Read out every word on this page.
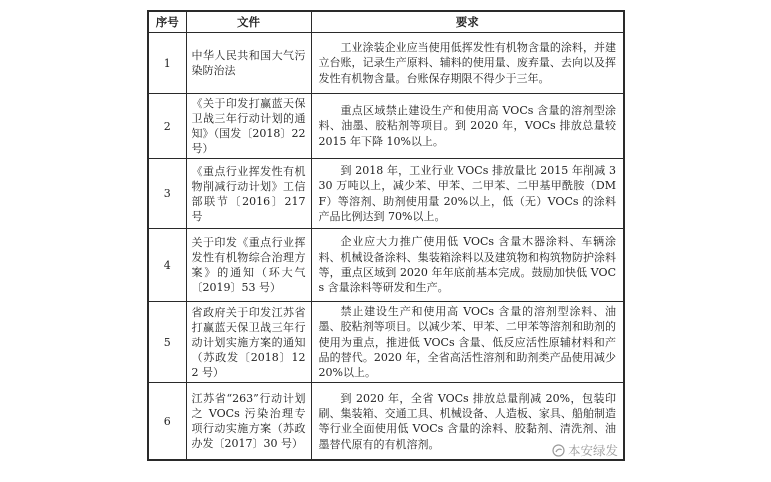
序号	文件	要求
1	中华人民共和国大气污染防治法	工业涂装企业应当使用低挥发性有机物含量的涂料，并建立台账，记录生产原料、辅料的使用量、废弃量、去向以及挥发性有机物含量。台账保存期限不得少于三年。
2	《关于印发打赢蓝天保卫战三年行动计划的通知》（国发〔2018〕22 号）	重点区域禁止建设生产和使用高 VOCs 含量的溶剂型涂料、油墨、胶粘剂等项目。到 2020 年，VOCs 排放总量较 2015 年下降 10%以上。
3	《重点行业挥发性有机物削减行动计划》工信部联节〔2016〕217 号	到 2018 年，工业行业 VOCs 排放量比 2015 年削减 330 万吨以上，减少苯、甲苯、二甲苯、二甲基甲酰胺（DMF）等溶剂、助剂使用量 20%以上，低（无）VOCs 的涂料产品比例达到 70%以上。
4	关于印发《重点行业挥发性有机物综合治理方案》的通知（环大气〔2019〕53 号）	企业应大力推广使用低 VOCs 含量木器涂料、车辆涂料、机械设备涂料、集装箱涂料以及建筑物和构筑物防护涂料等，重点区域到 2020 年年底前基本完成。鼓励加快低 VOCs 含量涂料等研发和生产。
5	省政府关于印发江苏省打赢蓝天保卫战三年行动计划实施方案的通知（苏政发〔2018〕122 号）	禁止建设生产和使用高 VOCs 含量的溶剂型涂料、油墨、胶粘剂等项目。以减少苯、甲苯、二甲苯等溶剂和助剂的使用为重点，推进低 VOCs 含量、低反应活性原辅材料和产品的替代。2020 年，全省高活性溶剂和助剂类产品使用减少 20%以上。
6	江苏省“263”行动计划之 VOCs 污染治理专项行动实施方案（苏政办发〔2017〕30 号）	到 2020 年，全省 VOCs 排放总量削减 20%，包装印刷、集装箱、交通工具、机械设备、人造板、家具、船舶制造等行业全面使用低 VOCs 含量的涂料、胶黏剂、清洗剂、油墨替代原有的有机溶剂。 本安绿发
